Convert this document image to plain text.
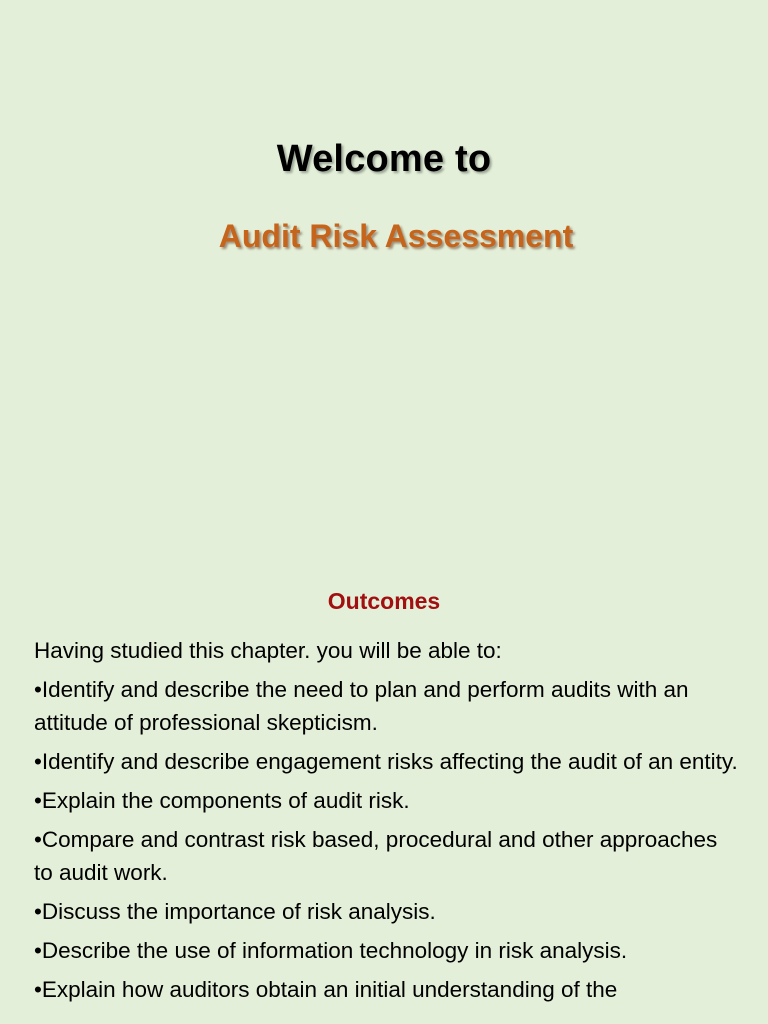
Welcome to
Audit Risk Assessment
Outcomes

Having studied this chapter. you will be able to:

• Identify and describe the need to plan and perform audits with an attitude of professional skepticism.

• Identify and describe engagement risks affecting the audit of an entity.

• Explain the components of audit risk.

• Compare and contrast risk based, procedural and other approaches to audit work.

• Discuss the importance of risk analysis.

• Describe the use of information technology in risk analysis.

• Explain how auditors obtain an initial understanding of the
